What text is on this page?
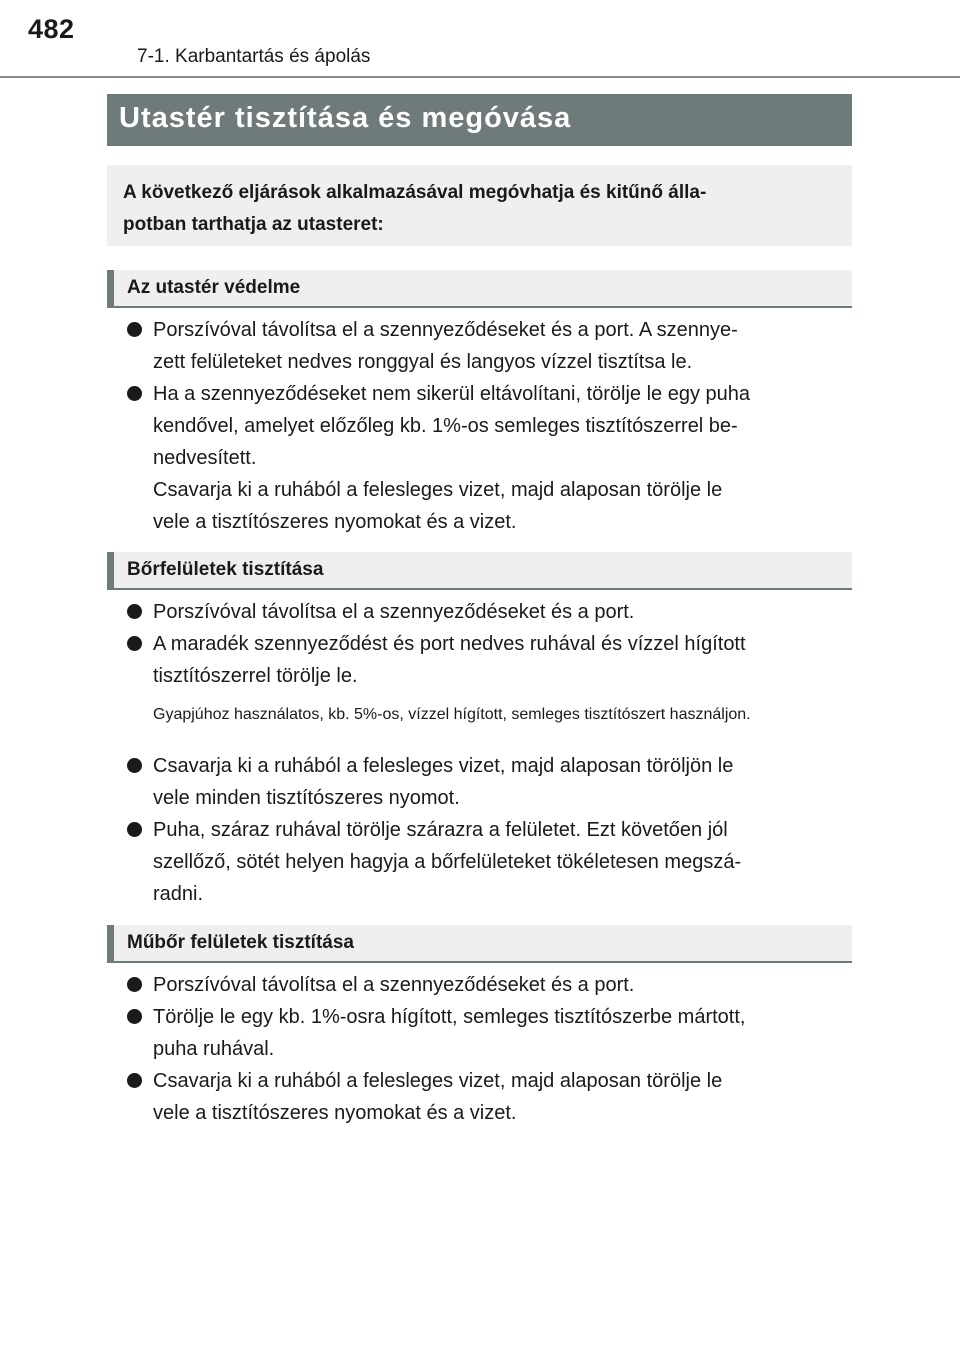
482
7-1. Karbantartás és ápolás
Utastér tisztítása és megóvása
A következő eljárások alkalmazásával megóvhatja és kitűnő álla-
potban tarthatja az utasteret:
Az utastér védelme
Porszívóval távolítsa el a szennyeződéseket és a port. A szennye-
zett felületeket nedves ronggyal és langyos vízzel tisztítsa le.
Ha a szennyeződéseket nem sikerül eltávolítani, törölje le egy puha
kendővel, amelyet előzőleg kb. 1%-os semleges tisztítószerrel be-
nedvesített.
Csavarja ki a ruhából a felesleges vizet, majd alaposan törölje le
vele a tisztítószeres nyomokat és a vizet.
Bőrfelületek tisztítása
Porszívóval távolítsa el a szennyeződéseket és a port.
A maradék szennyeződést és port nedves ruhával és vízzel hígított
tisztítószerrel törölje le.
Gyapjúhoz használatos, kb. 5%-os, vízzel hígított, semleges tisztítószert használjon.
Csavarja ki a ruhából a felesleges vizet, majd alaposan töröljön le
vele minden tisztítószeres nyomot.
Puha, száraz ruhával törölje szárazra a felületet. Ezt követően jól
szellőző, sötét helyen hagyja a bőrfelületeket tökéletesen megszá-
radni.
Műbőr felületek tisztítása
Porszívóval távolítsa el a szennyeződéseket és a port.
Törölje le egy kb. 1%-osra hígított, semleges tisztítószerbe mártott,
puha ruhával.
Csavarja ki a ruhából a felesleges vizet, majd alaposan törölje le
vele a tisztítószeres nyomokat és a vizet.
